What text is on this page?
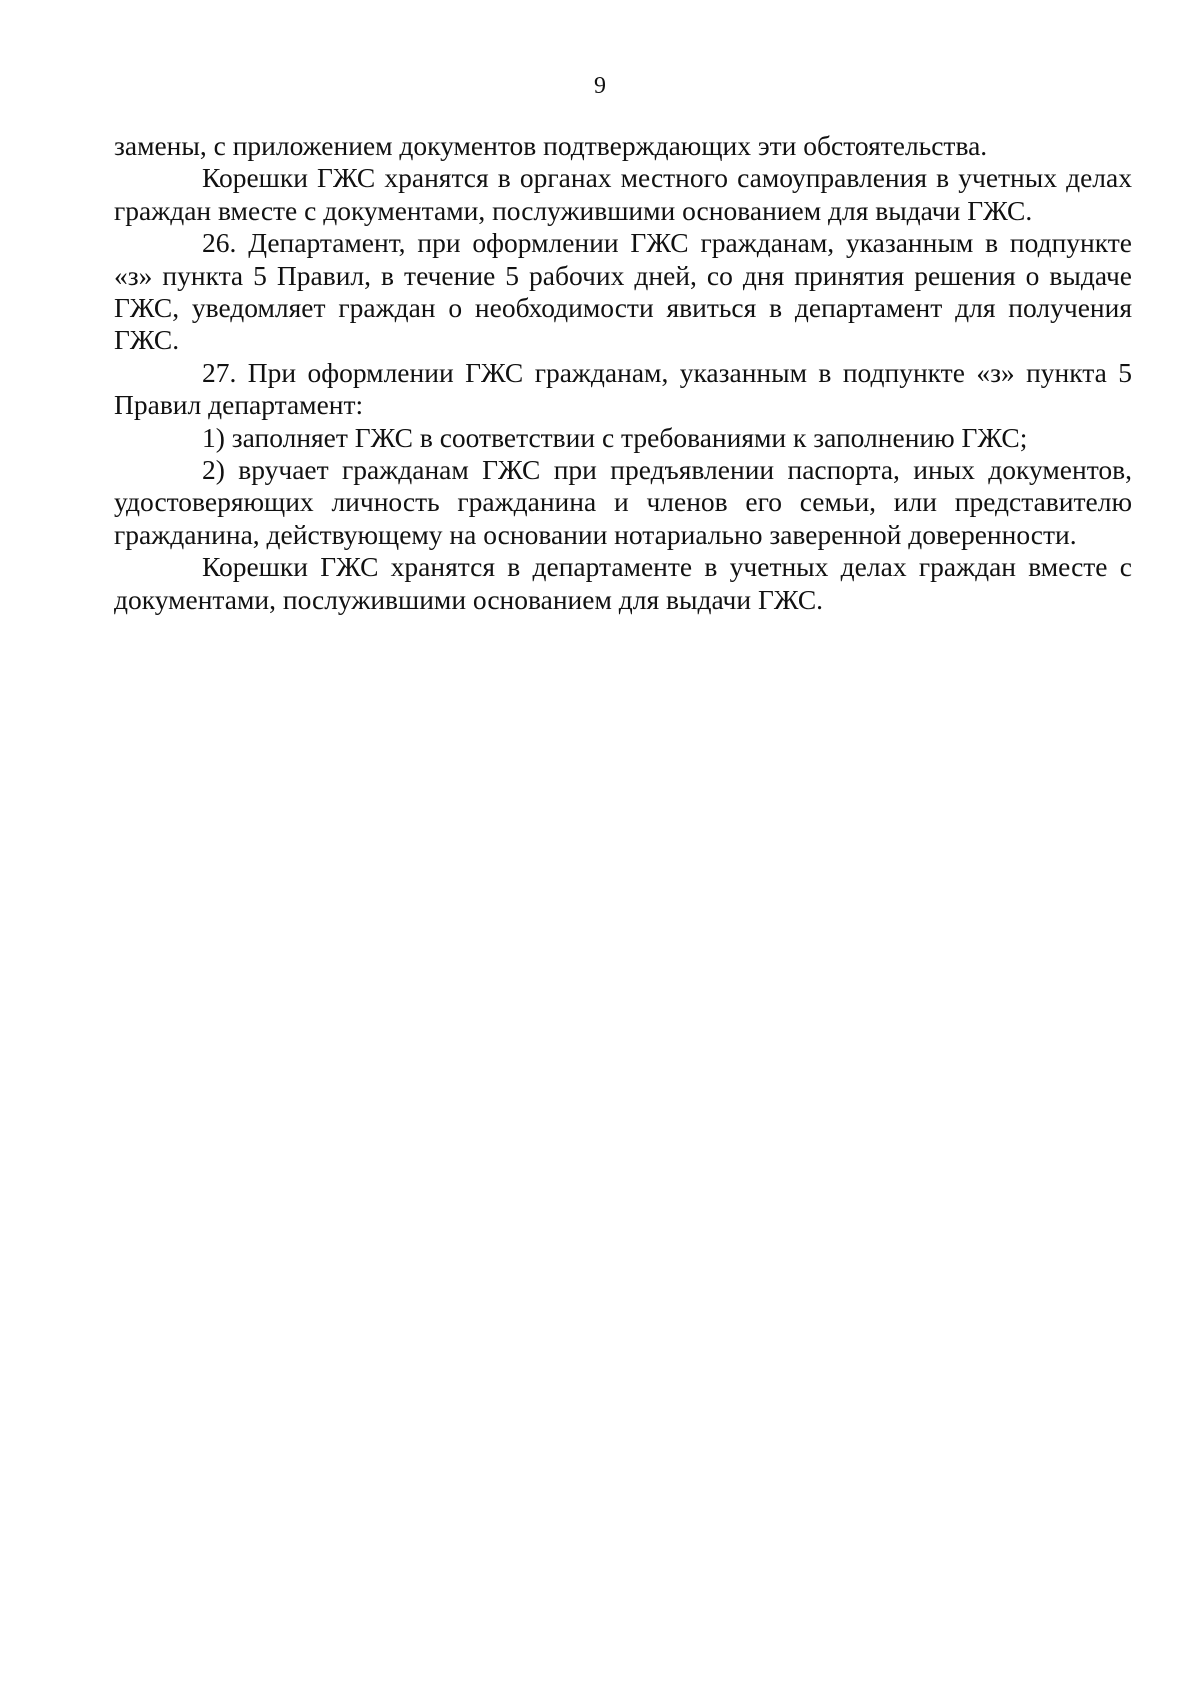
9

замены, с приложением документов подтверждающих эти обстоятельства.

Корешки ГЖС хранятся в органах местного самоуправления в учетных делах граждан вместе с документами, послужившими основанием для выдачи ГЖС.

26. Департамент, при оформлении ГЖС гражданам, указанным в подпункте «з» пункта 5 Правил, в течение 5 рабочих дней, со дня принятия решения о выдаче ГЖС, уведомляет граждан о необходимости явиться в департамент для получения ГЖС.

27. При оформлении ГЖС гражданам, указанным в подпункте «з» пункта 5 Правил департамент:

1) заполняет ГЖС в соответствии с требованиями к заполнению ГЖС;

2) вручает гражданам ГЖС при предъявлении паспорта, иных документов, удостоверяющих личность гражданина и членов его семьи, или представителю гражданина, действующему на основании нотариально заверенной доверенности.

Корешки ГЖС хранятся в департаменте в учетных делах граждан вместе с документами, послужившими основанием для выдачи ГЖС.
